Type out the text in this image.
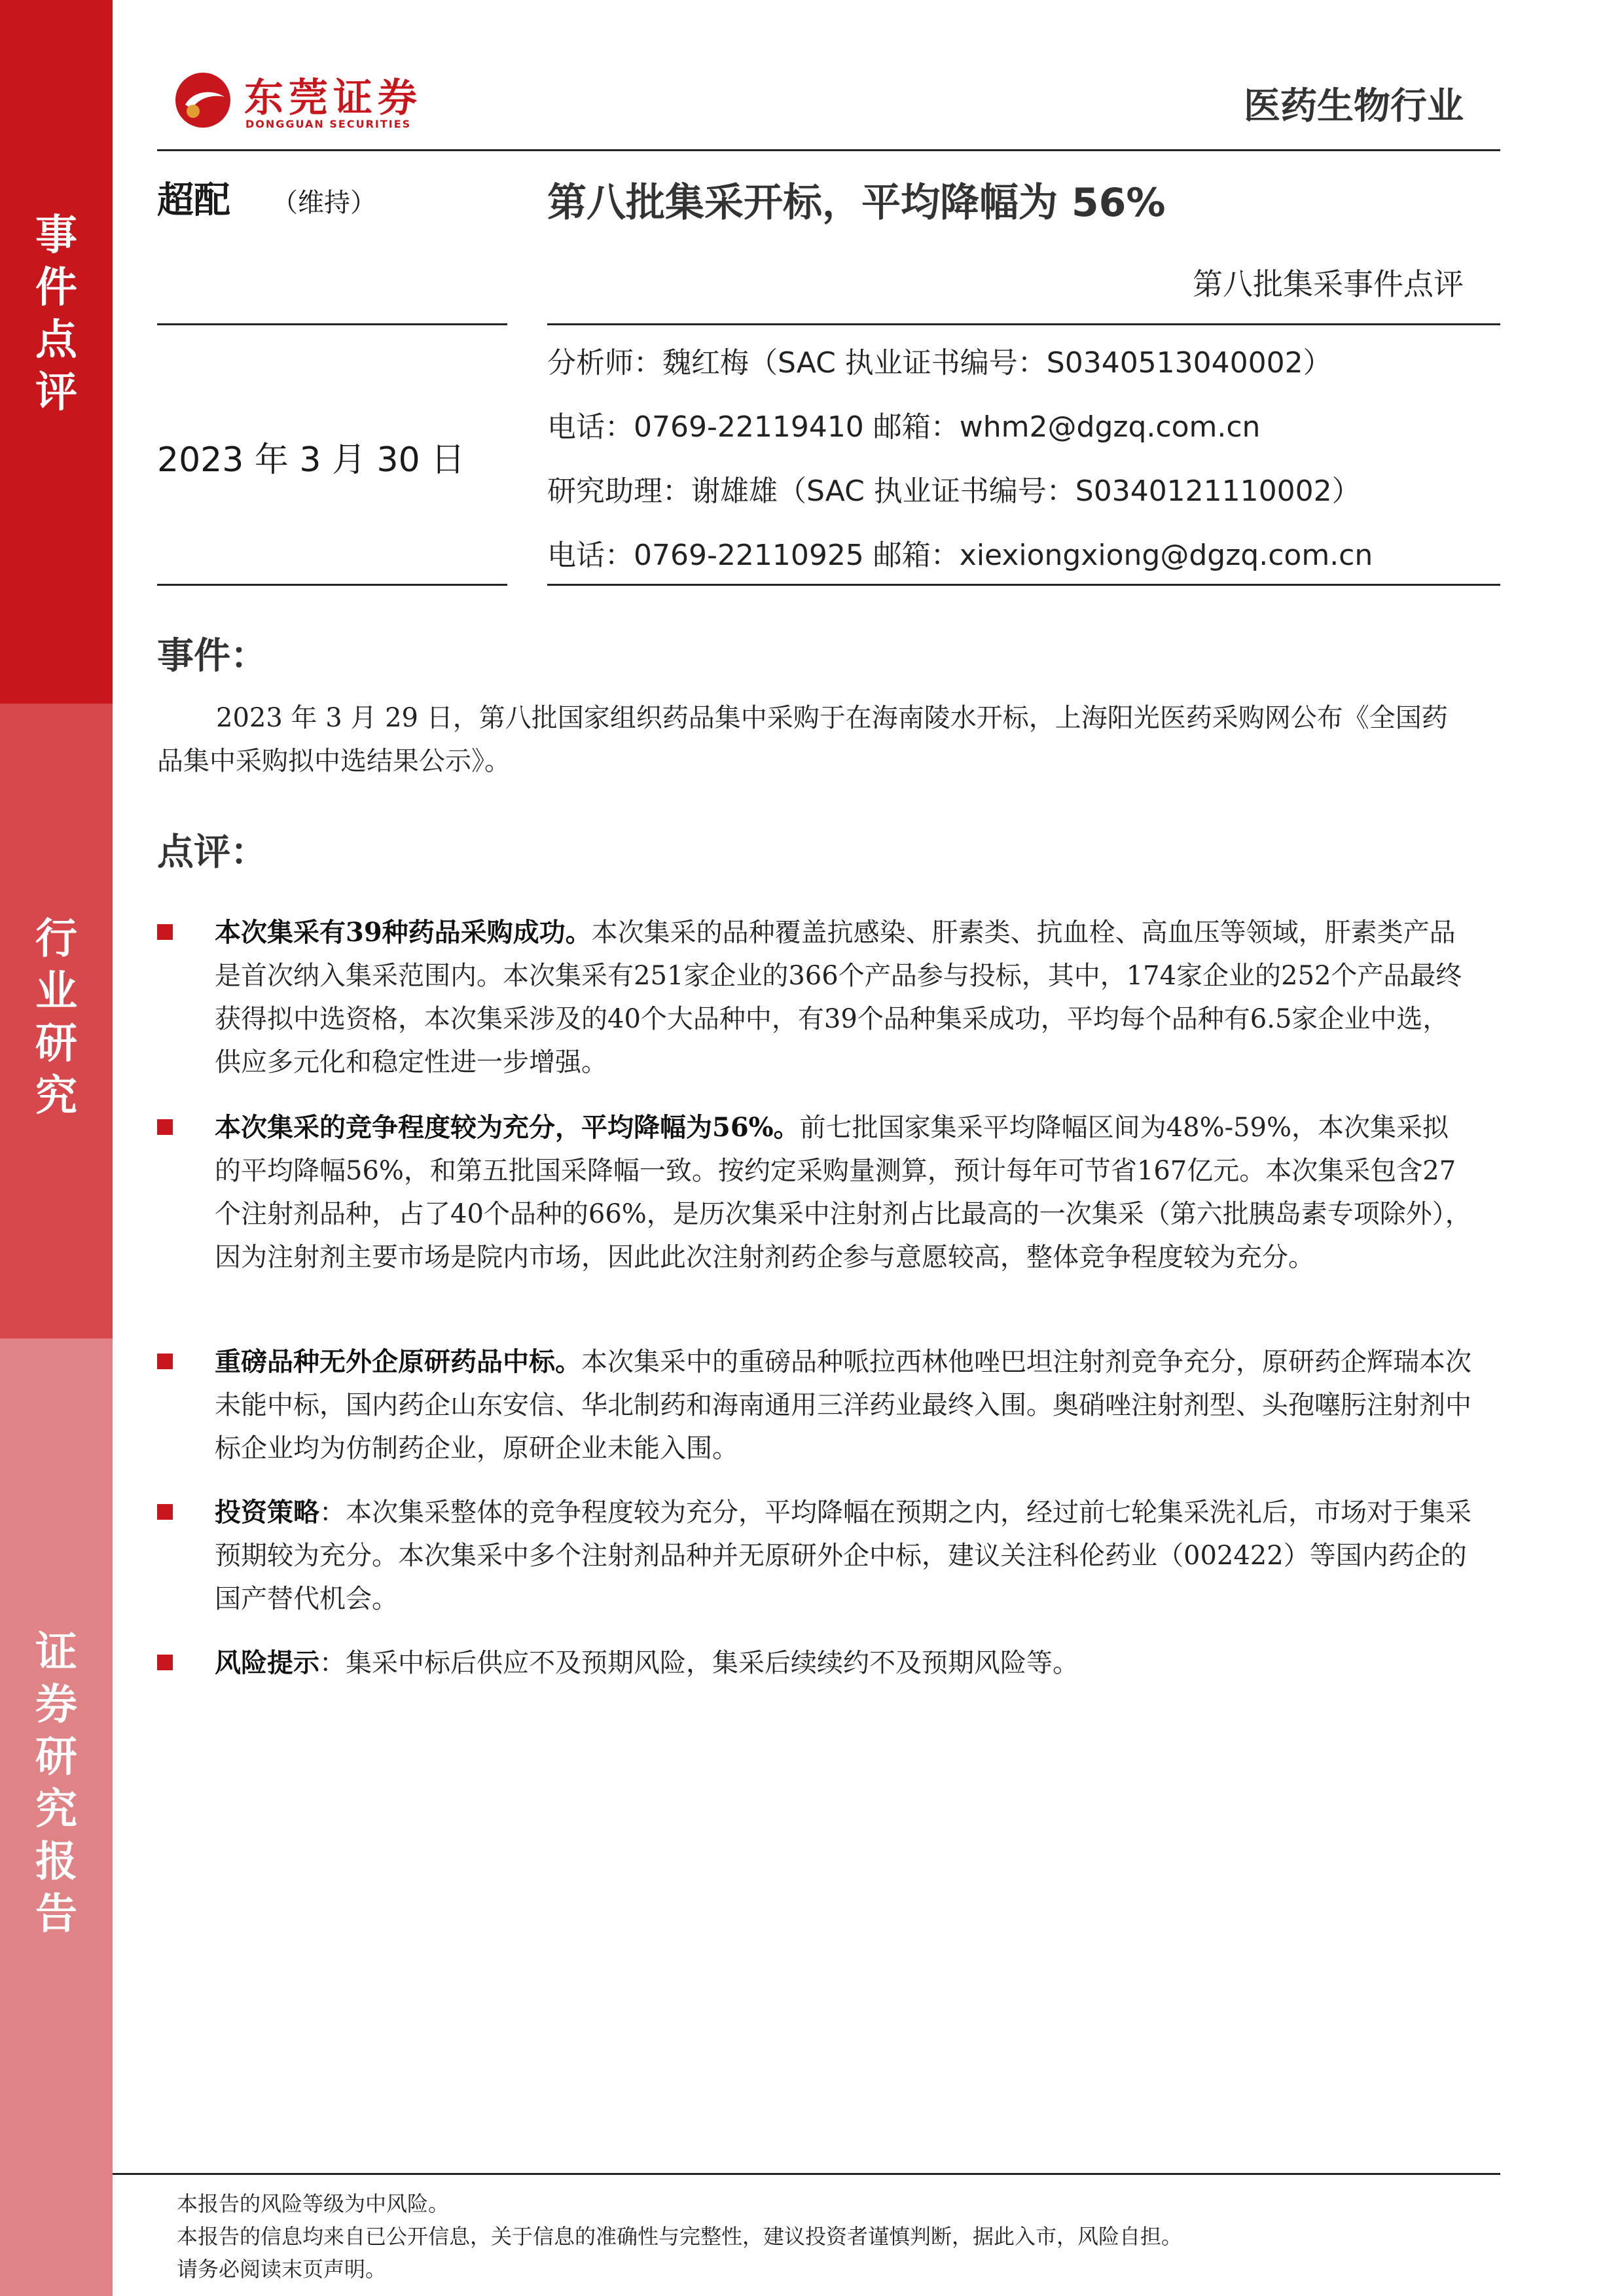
事
件
点
评
行
业
研
究
证
券
研
究
报
告
东莞证券
DONGGUAN SECURITIES	医药生物行业
超配 （维持）	第八批集采开标，平均降幅为 56%
第八批集采事件点评
2023 年 3 月 30 日
分析师：魏红梅（SAC 执业证书编号：S0340513040002）
电话：0769-22119410 邮箱：whm2@dgzq.com.cn
研究助理：谢雄雄（SAC 执业证书编号：S0340121110002）
电话：0769-22110925 邮箱：xiexiongxiong@dgzq.com.cn
事件：
2023 年 3 月 29 日，第八批国家组织药品集中采购于在海南陵水开标，上海阳光医药采购网公布《全国药品集中采购拟中选结果公示》。
点评：
本次集采有39种药品采购成功。本次集采的品种覆盖抗感染、肝素类、抗血栓、高血压等领域，肝素类产品是首次纳入集采范围内。本次集采有251家企业的366个产品参与投标，其中，174家企业的252个产品最终获得拟中选资格，本次集采涉及的40个大品种中，有39个品种集采成功，平均每个品种有6.5家企业中选，供应多元化和稳定性进一步增强。
本次集采的竞争程度较为充分，平均降幅为56%。前七批国家集采平均降幅区间为48%-59%，本次集采拟的平均降幅56%，和第五批国采降幅一致。按约定采购量测算，预计每年可节省167亿元。本次集采包含27个注射剂品种，占了40个品种的66%，是历次集采中注射剂占比最高的一次集采（第六批胰岛素专项除外），因为注射剂主要市场是院内市场，因此此次注射剂药企参与意愿较高，整体竞争程度较为充分。
重磅品种无外企原研药品中标。本次集采中的重磅品种哌拉西林他唑巴坦注射剂竞争充分，原研药企辉瑞本次未能中标，国内药企山东安信、华北制药和海南通用三洋药业最终入围。奥硝唑注射剂型、头孢噻肟注射剂中标企业均为仿制药企业，原研企业未能入围。
投资策略：本次集采整体的竞争程度较为充分，平均降幅在预期之内，经过前七轮集采洗礼后，市场对于集采预期较为充分。本次集采中多个注射剂品种并无原研外企中标，建议关注科伦药业（002422）等国内药企的国产替代机会。
风险提示：集采中标后供应不及预期风险，集采后续续约不及预期风险等。
本报告的风险等级为中风险。
本报告的信息均来自已公开信息，关于信息的准确性与完整性，建议投资者谨慎判断，据此入市，风险自担。
请务必阅读末页声明。
